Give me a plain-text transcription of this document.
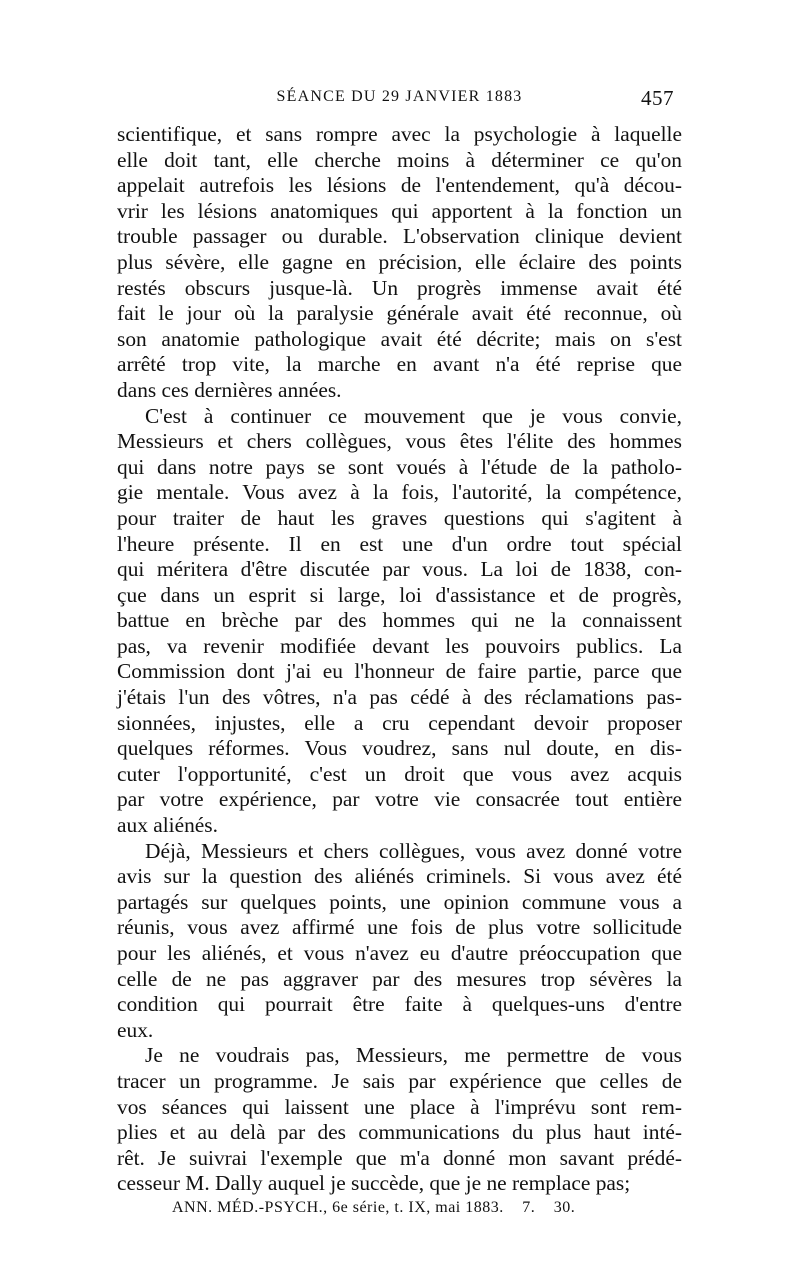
SÉANCE DU 29 JANVIER 1883	457
scientifique, et sans rompre avec la psychologie à laquelle
elle doit tant, elle cherche moins à déterminer ce qu'on
appelait autrefois les lésions de l'entendement, qu'à décou-
vrir les lésions anatomiques qui apportent à la fonction un
trouble passager ou durable. L'observation clinique devient
plus sévère, elle gagne en précision, elle éclaire des points
restés obscurs jusque-là. Un progrès immense avait été
fait le jour où la paralysie générale avait été reconnue, où
son anatomie pathologique avait été décrite; mais on s'est
arrêté trop vite, la marche en avant n'a été reprise que
dans ces dernières années.
C'est à continuer ce mouvement que je vous convie,
Messieurs et chers collègues, vous êtes l'élite des hommes
qui dans notre pays se sont voués à l'étude de la patholo-
gie mentale. Vous avez à la fois, l'autorité, la compétence,
pour traiter de haut les graves questions qui s'agitent à
l'heure présente. Il en est une d'un ordre tout spécial
qui méritera d'être discutée par vous. La loi de 1838, con-
çue dans un esprit si large, loi d'assistance et de progrès,
battue en brèche par des hommes qui ne la connaissent
pas, va revenir modifiée devant les pouvoirs publics. La
Commission dont j'ai eu l'honneur de faire partie, parce que
j'étais l'un des vôtres, n'a pas cédé à des réclamations pas-
sionnées, injustes, elle a cru cependant devoir proposer
quelques réformes. Vous voudrez, sans nul doute, en dis-
cuter l'opportunité, c'est un droit que vous avez acquis
par votre expérience, par votre vie consacrée tout entière
aux aliénés.
Déjà, Messieurs et chers collègues, vous avez donné votre
avis sur la question des aliénés criminels. Si vous avez été
partagés sur quelques points, une opinion commune vous a
réunis, vous avez affirmé une fois de plus votre sollicitude
pour les aliénés, et vous n'avez eu d'autre préoccupation que
celle de ne pas aggraver par des mesures trop sévères la
condition qui pourrait être faite à quelques-uns d'entre
eux.
Je ne voudrais pas, Messieurs, me permettre de vous
tracer un programme. Je sais par expérience que celles de
vos séances qui laissent une place à l'imprévu sont rem-
plies et au delà par des communications du plus haut inté-
rêt. Je suivrai l'exemple que m'a donné mon savant prédé-
cesseur M. Dally auquel je succède, que je ne remplace pas;
ANN. MÉD.-PSYCH., 6e série, t. IX, mai 1883. 7. 30.
